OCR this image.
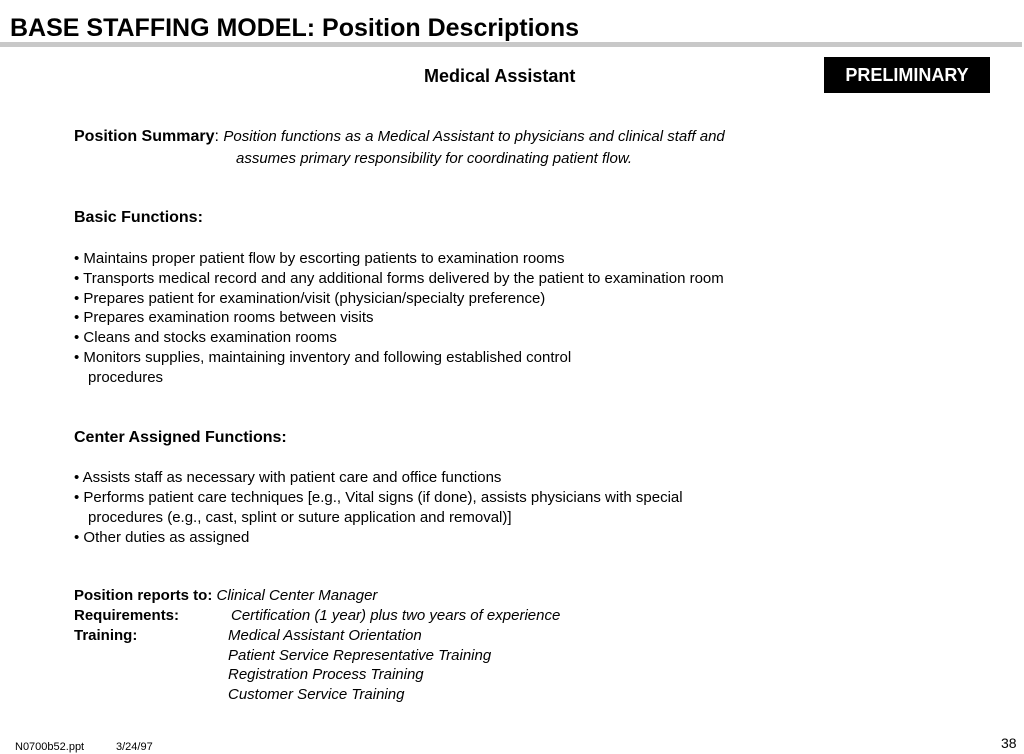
BASE STAFFING MODEL: Position Descriptions
Medical Assistant	PRELIMINARY
Position Summary: Position functions as a Medical Assistant to physicians and clinical staff and
assumes primary responsibility for coordinating patient flow.
Basic Functions:
• Maintains proper patient flow by escorting patients to examination rooms
• Transports medical record and any additional forms delivered by the patient to examination room
• Prepares patient for examination/visit (physician/specialty preference)
• Prepares examination rooms between visits
• Cleans and stocks examination rooms
• Monitors supplies, maintaining inventory and following established control
procedures
Center Assigned Functions:
• Assists staff as necessary with patient care and office functions
• Performs patient care techniques [e.g., Vital signs (if done), assists physicians with special
procedures (e.g., cast, splint or suture application and removal)]
• Other duties as assigned
Position reports to: Clinical Center Manager
Requirements:	Certification (1 year) plus two years of experience
Training:	Medical Assistant Orientation
Patient Service Representative Training
Registration Process Training
Customer Service Training
N0700b52.ppt	3/24/97	38
